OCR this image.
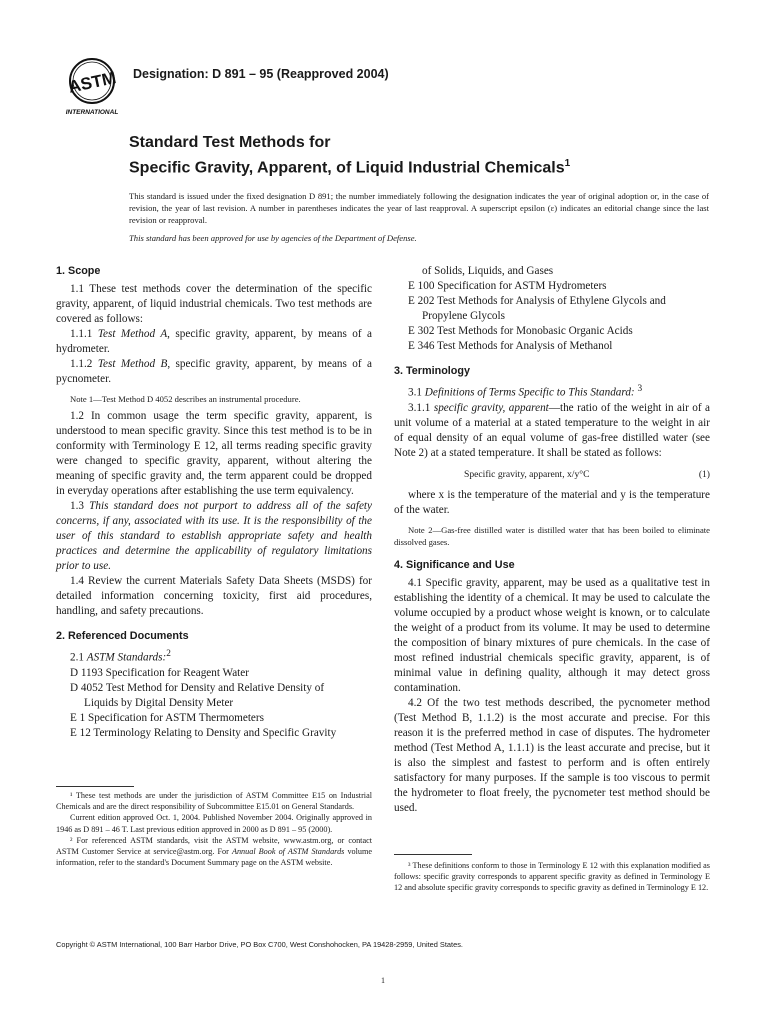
ASTM
INTERNATIONAL
Designation: D 891 – 95 (Reapproved 2004)
Standard Test Methods for
Specific Gravity, Apparent, of Liquid Industrial Chemicals$^1$
This standard is issued under the fixed designation D 891; the number immediately following the designation indicates the year of original adoption or, in the case of revision, the year of last revision. A number in parentheses indicates the year of last reapproval. A superscript epsilon (ε) indicates an editorial change since the last revision or reapproval.
This standard has been approved for use by agencies of the Department of Defense.
1. Scope

1.1 These test methods cover the determination of the specific gravity, apparent, of liquid industrial chemicals. Two test methods are covered as follows:

1.1.1 Test Method A, specific gravity, apparent, by means of a hydrometer.

1.1.2 Test Method B, specific gravity, apparent, by means of a pycnometer.

Note 1—Test Method D 4052 describes an instrumental procedure.

1.2 In common usage the term specific gravity, apparent, is understood to mean specific gravity. Since this test method is to be in conformity with Terminology E 12, all terms reading specific gravity were changed to specific gravity, apparent, without altering the meaning of specific gravity and, the term apparent could be dropped in everyday operations after establishing the use term equivalency.

1.3 This standard does not purport to address all of the safety concerns, if any, associated with its use. It is the responsibility of the user of this standard to establish appropriate safety and health practices and determine the applicability of regulatory limitations prior to use.

1.4 Review the current Materials Safety Data Sheets (MSDS) for detailed information concerning toxicity, first aid procedures, handling, and safety precautions.

2. Referenced Documents

2.1 ASTM Standards:$^2$

D 1193 Specification for Reagent Water
D 4052 Test Method for Density and Relative Density of
Liquids by Digital Density Meter
E 1 Specification for ASTM Thermometers
E 12 Terminology Relating to Density and Specific Gravity
of Solids, Liquids, and Gases
E 100 Specification for ASTM Hydrometers
E 202 Test Methods for Analysis of Ethylene Glycols and
Propylene Glycols
E 302 Test Methods for Monobasic Organic Acids
E 346 Test Methods for Analysis of Methanol
3. Terminology

3.1 Definitions of Terms Specific to This Standard: $^3$

3.1.1 specific gravity, apparent—the ratio of the weight in air of a unit volume of a material at a stated temperature to the weight in air of equal density of an equal volume of gas-free distilled water (see Note 2) at a stated temperature. It shall be stated as follows:

Specific gravity, apparent, x/y°C	(1)

where x is the temperature of the material and y is the temperature of the water.

Note 2—Gas-free distilled water is distilled water that has been boiled to eliminate dissolved gases.
4. Significance and Use

4.1 Specific gravity, apparent, may be used as a qualitative test in establishing the identity of a chemical. It may be used to calculate the volume occupied by a product whose weight is known, or to calculate the weight of a product from its volume. It may be used to determine the composition of binary mixtures of pure chemicals. In the case of most refined industrial chemicals specific gravity, apparent, is of minimal value in defining quality, although it may detect gross contamination.

4.2 Of the two test methods described, the pycnometer method (Test Method B, 1.1.2) is the most accurate and precise. For this reason it is the preferred method in case of disputes. The hydrometer method (Test Method A, 1.1.1) is the least accurate and precise, but it is also the simplest and fastest to perform and is often entirely satisfactory for many purposes. If the sample is too viscous to permit the hydrometer to float freely, the pycnometer test method should be used.

¹ These test methods are under the jurisdiction of ASTM Committee E15 on Industrial Chemicals and are the direct responsibility of Subcommittee E15.01 on General Standards.

Current edition approved Oct. 1, 2004. Published November 2004. Originally approved in 1946 as D 891 – 46 T. Last previous edition approved in 2000 as D 891 – 95 (2000).

² For referenced ASTM standards, visit the ASTM website, www.astm.org, or contact ASTM Customer Service at service@astm.org. For Annual Book of ASTM Standards volume information, refer to the standard's Document Summary page on the ASTM website.	³ These definitions conform to those in Terminology E 12 with this explanation modified as follows: specific gravity corresponds to apparent specific gravity as defined in Terminology E 12 and absolute specific gravity corresponds to specific gravity as defined in Terminology E 12.

Copyright © ASTM International, 100 Barr Harbor Drive, PO Box C700, West Conshohocken, PA 19428-2959, United States.
1
